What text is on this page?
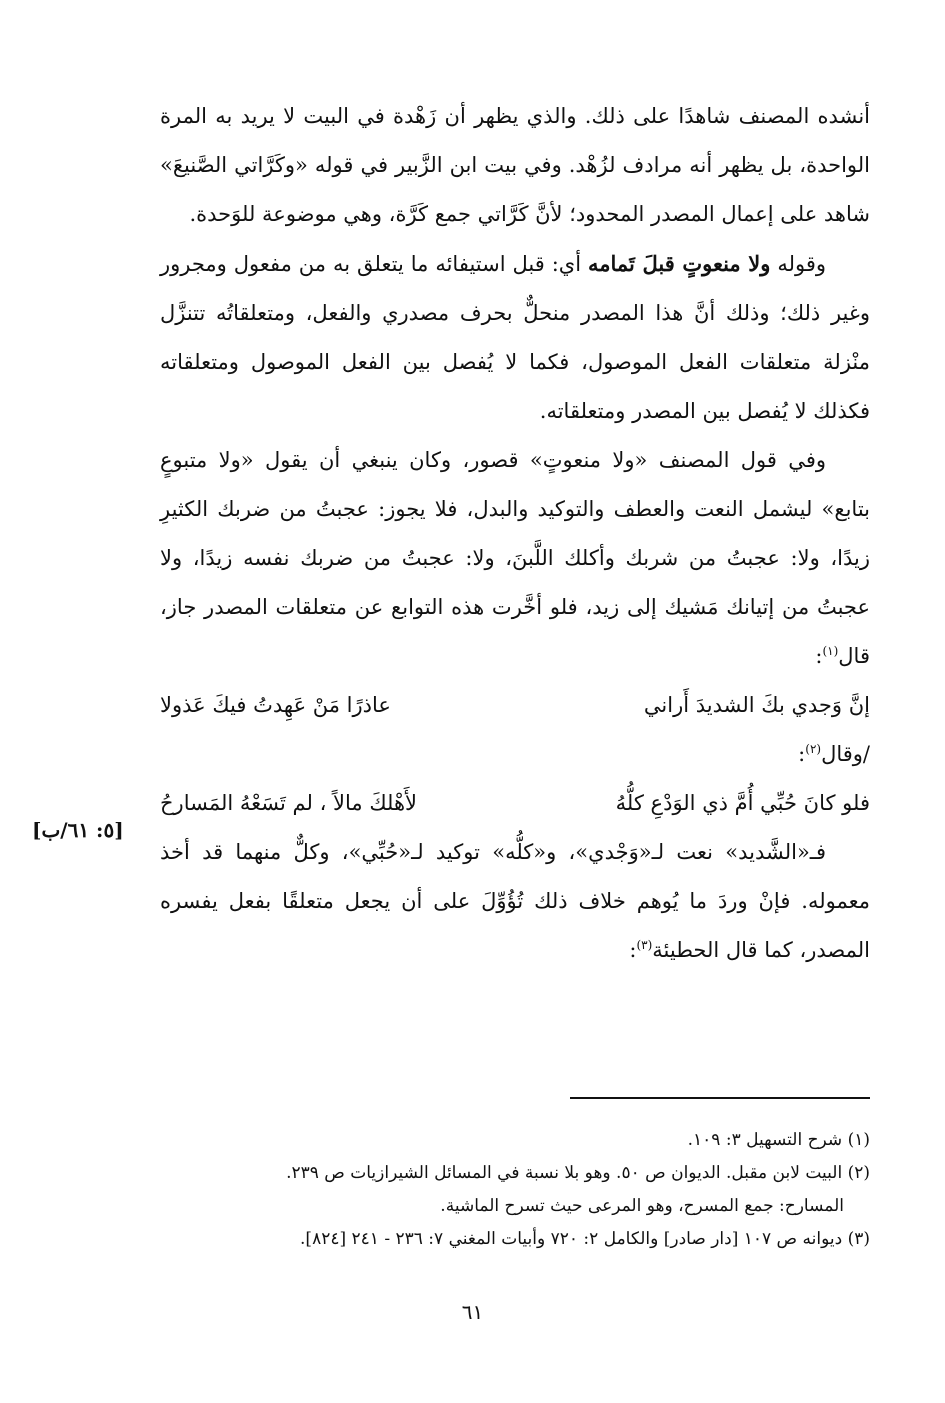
أنشده المصنف شاهدًا على ذلك. والذي يظهر أن زَهْدة في البيت لا يريد به المرة الواحدة، بل يظهر أنه مرادف لزُهْد. وفي بيت ابن الزَّبير في قوله «وكَرَّاتي الصَّنيعَ» شاهد على إعمال المصدر المحدود؛ لأنَّ كَرَّاتي جمع كَرَّة، وهي موضوعة للوَحدة.

وقوله ولا منعوتٍ قبلَ تَمامه أي: قبل استيفائه ما يتعلق به من مفعول ومجرور وغير ذلك؛ وذلك أنَّ هذا المصدر منحلٌّ بحرف مصدري والفعل، ومتعلقاتُه تتنزَّل منْزلة متعلقات الفعل الموصول، فكما لا يُفصل بين الفعل الموصول ومتعلقاته فكذلك لا يُفصل بين المصدر ومتعلقاته.

وفي قول المصنف «ولا منعوتٍ» قصور، وكان ينبغي أن يقول «ولا متبوعٍ بتابع» ليشمل النعت والعطف والتوكيد والبدل، فلا يجوز: عجبتُ من ضربك الكثيرِ زيدًا، ولا: عجبتُ من شربك وأكلك اللَّبنَ، ولا: عجبتُ من ضربك نفسه زيدًا، ولا عجبتُ من إتيانك مَشيك إلى زيد، فلو أخَّرت هذه التوابع عن متعلقات المصدر جاز، قال$^{(١)}$:

إنَّ وَجدي بكَ الشديدَ أَراني
عاذرًا مَنْ عَهِدتُ فيكَ عَذولا

/وقال$^{(٢)}$:

فلو كانَ حُبِّي أُمَّ ذي الوَدْعِ كلُّهُ
لأَهْلكَ مالاً ، لم تَسَعْهُ المَسارحُ

فـ«الشَّديد» نعت لـ«وَجْدي»، و«كلُّه» توكيد لـ«حُبِّي»، وكلٌّ منهما قد أخذ معموله. فإنْ وردَ ما يُوهم خلاف ذلك تُؤُوِّلَ على أن يجعل متعلقًا بفعل يفسره المصدر، كما قال الحطيئة$^{(٣)}$:

[٥: ٦١/ب]

(١) شرح التسهيل ٣: ١٠٩.

(٢) البيت لابن مقبل. الديوان ص ٥٠. وهو بلا نسبة في المسائل الشيرازيات ص ٢٣٩.

المسارح: جمع المسرح، وهو المرعى حيث تسرح الماشية.

(٣) ديوانه ص ١٠٧ [دار صادر] والكامل ٢: ٧٢٠ وأبيات المغني ٧: ٢٣٦ - ٢٤١ [٨٢٤].

٦١
